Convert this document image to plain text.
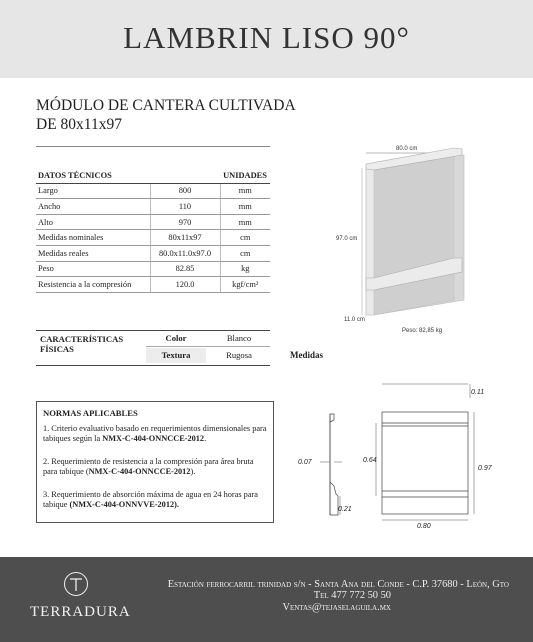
LAMBRIN LISO 90°
MÓDULO DE CANTERA CULTIVADA
DE 80x11x97
DATOS TÉCNICOS		UNIDADES
Largo	800	mm
Ancho	110	mm
Alto	970	mm
Medidas nominales	80x11x97	cm
Medidas reales	80.0x11.0x97.0	cm
Peso	82.85	kg
Resistencia a la compresión	120.0	kgf/cm²
80.0 cm
97.0 cm
11.0 cm
Peso: 82,85 kg
CARACTERÍSTICAS
FÍSICAS
Color	Blanco
Textura	Rugosa	Medidas
0.11
0.07	0.64
0.97
0.21
0.80
NORMAS APLICABLES
1. Criterio evaluativo basado en requerimientos dimensionales para tabiques según la NMX-C-404-ONNCCE-2012.
2. Requerimiento de resistencia a la compresión para área bruta para tabique (NMX-C-404-ONNCCE-2012).
3. Requerimiento de absorción máxima de agua en 24 horas para tabique (NMX-C-404-ONNVVE-2012).
TERRADURA
Estación ferrocarril trinidad s/n - Santa Ana del Conde - C.P. 37680 - León, Gto
Tel 477 772 50 50
Ventas@tejaselaguila.mx
